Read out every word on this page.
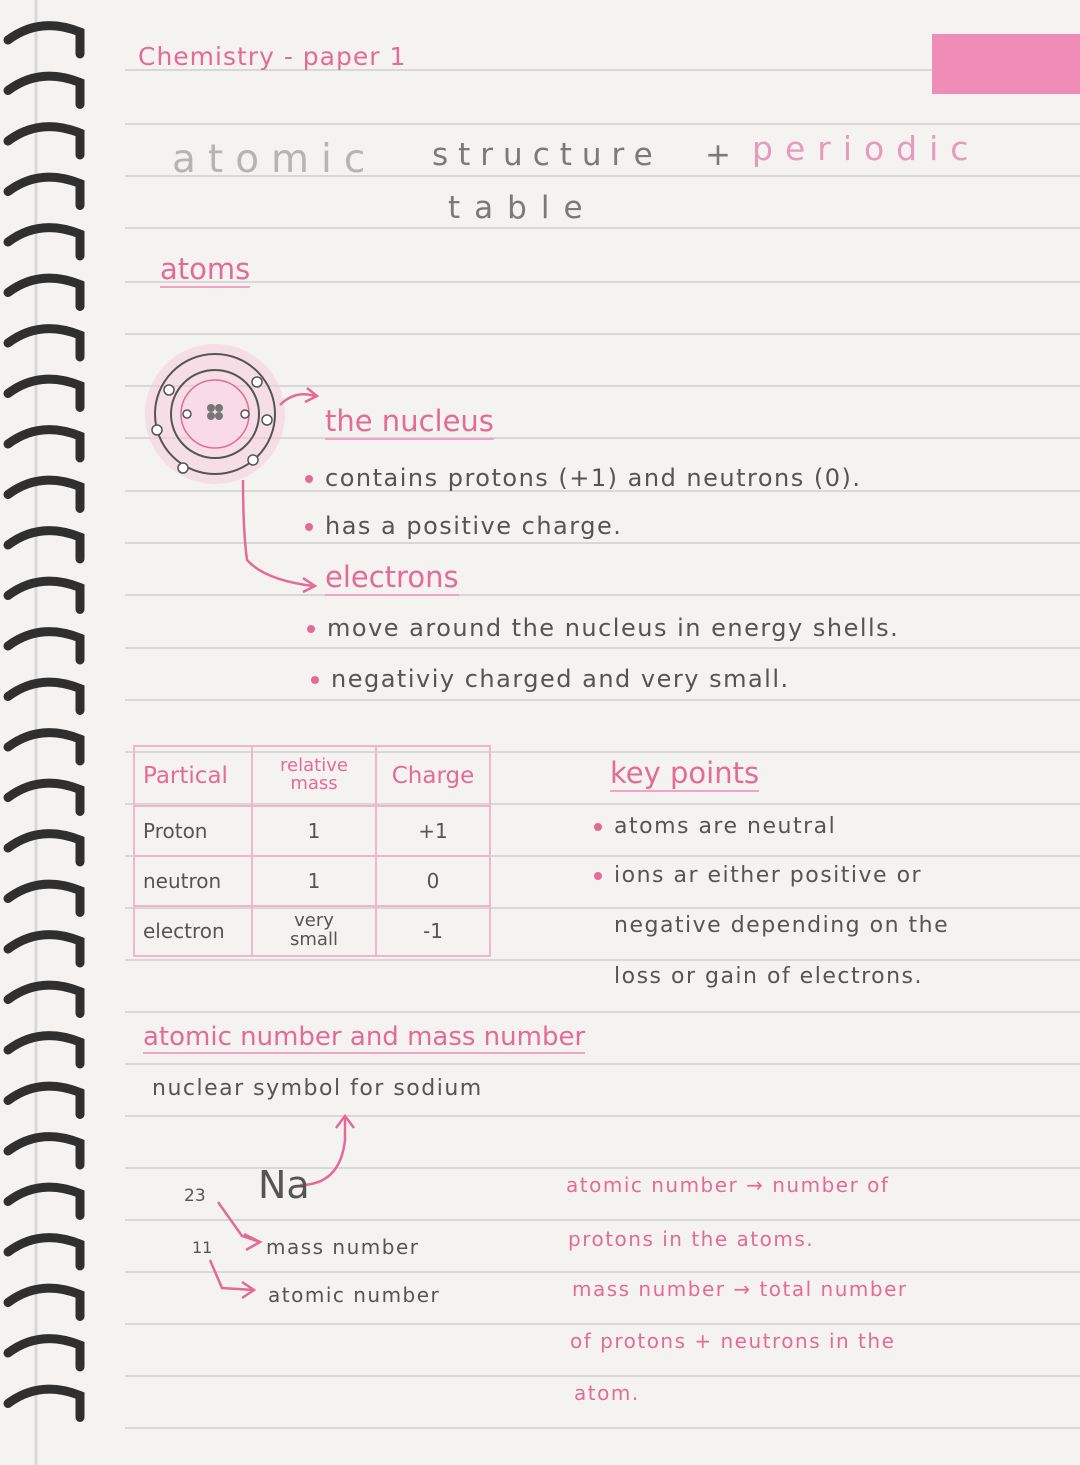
Chemistry - paper 1
atomic structure + periodic
table
atoms
the nucleus
contains protons (+1) and neutrons (0).
has a positive charge.
electrons
move around the nucleus in energy shells.
negativiy charged and very small.
Partical	relative mass	Charge
Proton	1	+1
neutron	1	0
electron	very small	-1
key points
atoms are neutral
ions ar either positive or
negative depending on the
loss or gain of electrons.
atomic number and mass number
nuclear symbol for sodium
Na
23
11	mass number
atomic number
atomic number → number of
protons in the atoms.
mass number → total number
of protons + neutrons in the
atom.
